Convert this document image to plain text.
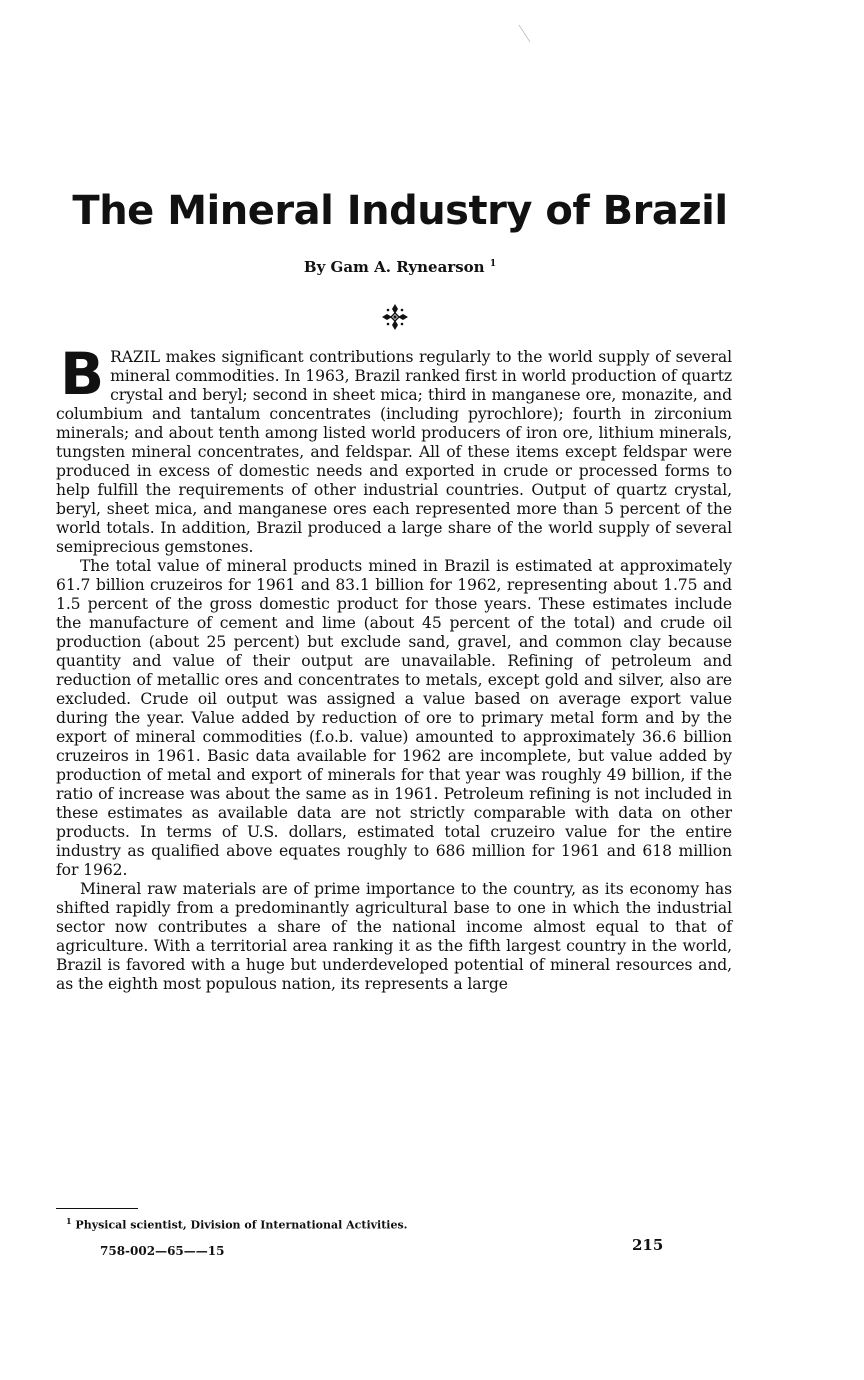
The Mineral Industry of Brazil
By Gam A. Rynearson $^1$

BRAZIL makes significant contributions regularly to the world supply of several mineral commodities. In 1963, Brazil ranked first in world production of quartz crystal and beryl; second in sheet mica; third in manganese ore, monazite, and columbium and tantalum concentrates (including pyrochlore); fourth in zirconium minerals; and about tenth among listed world producers of iron ore, lithium minerals, tungsten mineral concentrates, and feldspar. All of these items except feldspar were produced in excess of domestic needs and exported in crude or processed forms to help fulfill the requirements of other industrial countries. Output of quartz crystal, beryl, sheet mica, and manganese ores each represented more than 5 percent of the world totals. In addition, Brazil produced a large share of the world supply of several semiprecious gemstones.

The total value of mineral products mined in Brazil is estimated at approximately 61.7 billion cruzeiros for 1961 and 83.1 billion for 1962, representing about 1.75 and 1.5 percent of the gross domestic product for those years. These estimates include the manufacture of cement and lime (about 45 percent of the total) and crude oil production (about 25 percent) but exclude sand, gravel, and common clay because quantity and value of their output are unavailable. Refining of petroleum and reduction of metallic ores and concentrates to metals, except gold and silver, also are excluded. Crude oil output was assigned a value based on average export value during the year. Value added by reduction of ore to primary metal form and by the export of mineral commodities (f.o.b. value) amounted to approximately 36.6 billion cruzeiros in 1961. Basic data available for 1962 are incomplete, but value added by production of metal and export of minerals for that year was roughly 49 billion, if the ratio of increase was about the same as in 1961. Petroleum refining is not included in these estimates as available data are not strictly comparable with data on other products. In terms of U.S. dollars, estimated total cruzeiro value for the entire industry as qualified above equates roughly to 686 million for 1961 and 618 million for 1962.

Mineral raw materials are of prime importance to the country, as its economy has shifted rapidly from a predominantly agricultural base to one in which the industrial sector now contributes a share of the national income almost equal to that of agriculture. With a territorial area ranking it as the fifth largest country in the world, Brazil is favored with a huge but underdeveloped potential of mineral resources and, as the eighth most populous nation, its represents a large

$^1$ Physical scientist, Division of International Activities.
758-002—65——15	215
